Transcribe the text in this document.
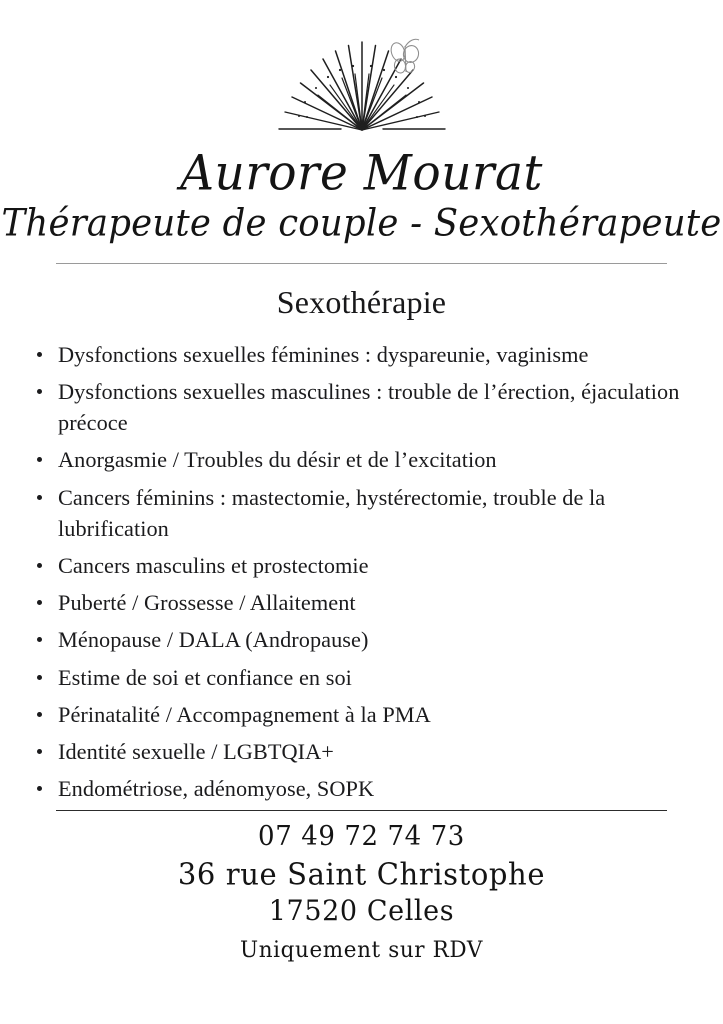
Aurore Mourat
Thérapeute de couple - Sexothérapeute
Sexothérapie
Dysfonctions sexuelles féminines : dyspareunie, vaginisme
Dysfonctions sexuelles masculines : trouble de l’érection, éjaculation précoce
Anorgasmie / Troubles du désir et de l’excitation
Cancers féminins : mastectomie, hystérectomie, trouble de la lubrification
Cancers masculins et prostectomie
Puberté / Grossesse / Allaitement
Ménopause / DALA (Andropause)
Estime de soi et confiance en soi
Périnatalité / Accompagnement à la PMA
Identité sexuelle / LGBTQIA+
Endométriose, adénomyose, SOPK
07 49 72 74 73
36 rue Saint Christophe
17520 Celles
Uniquement sur RDV
